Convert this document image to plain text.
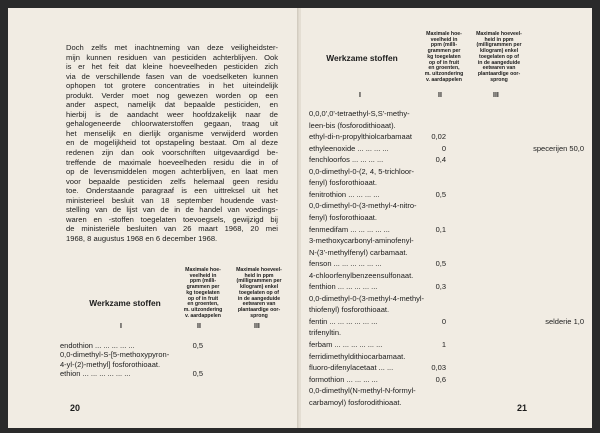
Doch zelfs met inachtneming van deze veiligheidster-
mijn kunnen residuen van pesticiden achterblijven. Ook
is er het feit dat kleine hoeveelheden pesticiden zich
via de verschillende fasen van de voedselketen kunnen
ophopen tot grotere concentraties in het uiteindelijk
produkt. Verder moet nog gewezen worden op een
ander aspect, namelijk dat bepaalde pesticiden, en
hierbij is de aandacht weer hoofdzakelijk naar de
gehalogeneerde chloorwaterstoffen gegaan, traag uit
het menselijk en dierlijk organisme verwijderd worden
en de mogelijkheid tot opstapeling bestaat. Om al deze
redenen zijn dan ook voorschriften uitgevaardigd be-
treffende de maximale hoeveelheden residu die in of
op de levensmiddelen mogen achterblijven, en laat men
voor bepaalde pesticiden zelfs helemaal geen residu
toe. Onderstaande paragraaf is een uittreksel uit het
ministerieel besluit van 18 september houdende vast-
stelling van de lijst van de in de handel van voedings-
waren en -stoffen toegelaten toevoegsels, gewijzigd bij
de ministeriële besluiten van 26 maart 1968, 20 mei
1968, 8 augustus 1968 en 6 december 1968.
Werkzame stoffen
Maximale hoe-
veelheid in
ppm (milli-
grammen per
kg toegelaten
op of in fruit
en groenten,
m. uitzondering
v. aardappelen
Maximale hoeveel-
heid in ppm
(milligrammen per
kilogram) enkel
toegelaten op of
in de aangeduide
eetwaren van
plantaardige oor-
sprong
I	II	III
endothion ... ... ... ... ...	0,5
0,0-dimethyl-S-[5-methoxypyron-
4-yl-(2)-methyl] fosforothioaat.
ethion ... ... ... ... ... ...	0,5
20
Werkzame stoffen
Maximale hoe-
veelheid in
ppm (milli-
grammen per
kg toegelaten
op of in fruit
en groenten,
m. uitzondering
v. aardappelen
Maximale hoeveel-
heid in ppm
(milligrammen per
kilogram) enkel
toegelaten op of
in de aangeduide
eetwaren van
plantaardige oor-
sprong
I	II	III
0,0,0',0'-tetraethyl-S,S'-methy-
leen-bis (fosforodithioaat).
ethyl-di-n-propylthiolcarbamaat	0,02
ethyleenoxide ... ... ... ...	0	specerijen 50,0
fenchloorfos ... ... ... ...	0,4
0,0-dimethyl-0-(2, 4, 5-trichloor-
fenyl) fosforothioaat.
fenitrothion ... ... ... ...	0,5
0,0-dimethyl-0-(3-methyl-4-nitro-
fenyl) fosforothioaat.
fenmedifam ... ... ... ... ...	0,1
3-methoxycarbonyl-aminofenyl-
N-(3'-methylfenyl) carbamaat.
fenson ... ... ... ... ... ...	0,5
4-chloorfenylbenzeensulfonaat.
fenthion ... ... ... ... ...	0,3
0,0-dimethyl-0-(3-methyl-4-methyl-
thiofenyl) fosforothioaat.
fentin ... ... ... ... ... ...	0	selderie 1,0
trifenyltin.
ferbam ... ... ... ... ... ...	1
ferridimethyldithiocarbamaat.
fluoro-difenylacetaat ... ...	0,03
formothion ... ... ... ...	0,6
0,0-dimethyl(N-methyl-N-formyl-
carbamoyl) fosforodithioaat.
21
